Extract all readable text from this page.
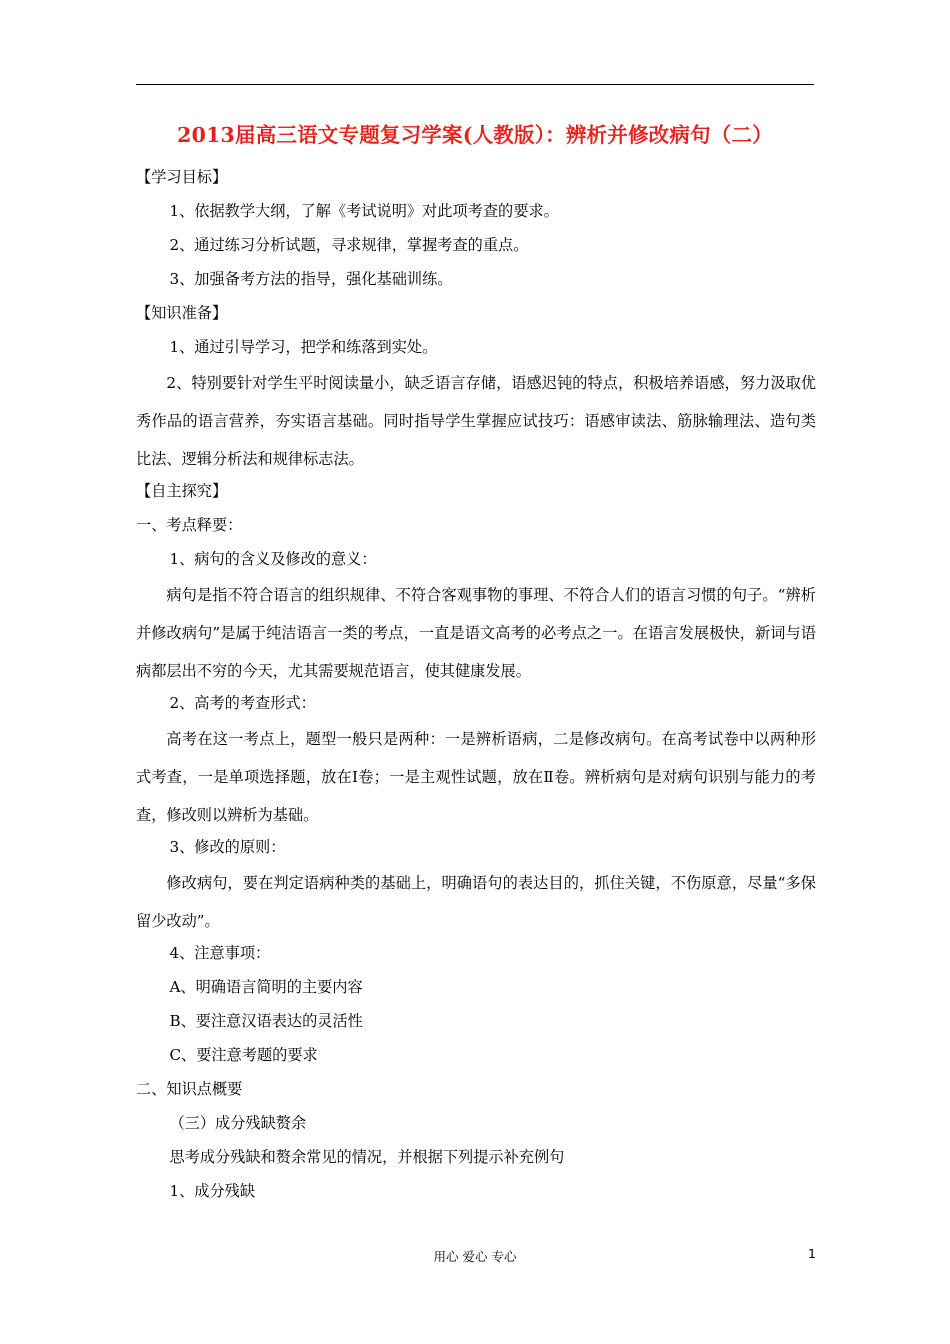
2013届高三语文专题复习学案(人教版）：辨析并修改病句（二）
【学习目标】
1、依据教学大纲，了解《考试说明》对此项考查的要求。
2、通过练习分析试题，寻求规律，掌握考查的重点。
3、加强备考方法的指导，强化基础训练。
【知识准备】
1、通过引导学习，把学和练落到实处。
2、特别要针对学生平时阅读量小，缺乏语言存储，语感迟钝的特点，积极培养语感，努力汲取优秀作品的语言营养，夯实语言基础。同时指导学生掌握应试技巧：语感审读法、筋脉输理法、造句类比法、逻辑分析法和规律标志法。
【自主探究】
一、考点释要：
1、病句的含义及修改的意义：
病句是指不符合语言的组织规律、不符合客观事物的事理、不符合人们的语言习惯的句子。“辨析并修改病句”是属于纯洁语言一类的考点，一直是语文高考的必考点之一。在语言发展极快，新词与语病都层出不穷的今天，尤其需要规范语言，使其健康发展。
2、高考的考查形式：
高考在这一考点上，题型一般只是两种：一是辨析语病，二是修改病句。在高考试卷中以两种形式考查，一是单项选择题，放在Ⅰ卷；一是主观性试题，放在Ⅱ卷。辨析病句是对病句识别与能力的考查，修改则以辨析为基础。
3、修改的原则：
修改病句，要在判定语病种类的基础上，明确语句的表达目的，抓住关键，不伤原意，尽量“多保留少改动”。
4、注意事项：
A、明确语言简明的主要内容
B、要注意汉语表达的灵活性
C、要注意考题的要求
二、知识点概要
（三）成分残缺赘余
思考成分残缺和赘余常见的情况，并根据下列提示补充例句
1、成分残缺
用心 爱心 专心	1
